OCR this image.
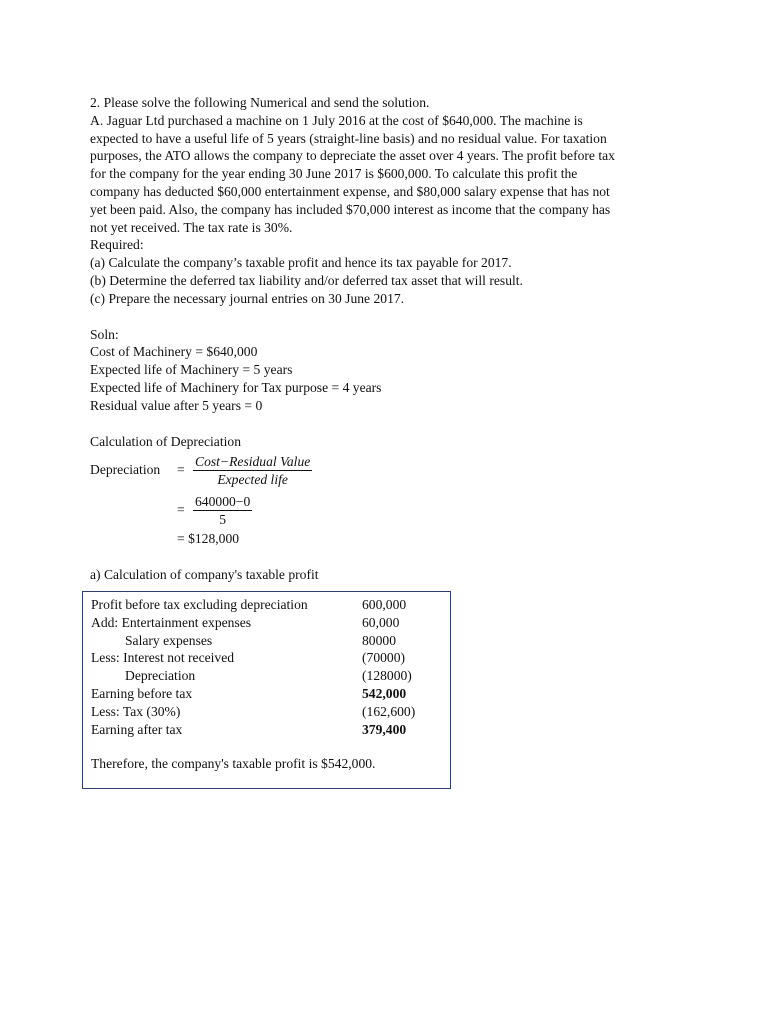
2. Please solve the following Numerical and send the solution.

A. Jaguar Ltd purchased a machine on 1 July 2016 at the cost of $640,000. The machine is

expected to have a useful life of 5 years (straight-line basis) and no residual value. For taxation

purposes, the ATO allows the company to depreciate the asset over 4 years. The profit before tax

for the company for the year ending 30 June 2017 is $600,000. To calculate this profit the

company has deducted $60,000 entertainment expense, and $80,000 salary expense that has not

yet been paid. Also, the company has included $70,000 interest as income that the company has

not yet received. The tax rate is 30%.

Required:

(a) Calculate the company’s taxable profit and hence its tax payable for 2017.

(b) Determine the deferred tax liability and/or deferred tax asset that will result.

(c) Prepare the necessary journal entries on 30 June 2017.

Soln:

Cost of Machinery = $640,000

Expected life of Machinery = 5 years

Expected life of Machinery for Tax purpose = 4 years

Residual value after 5 years = 0

Calculation of Depreciation

Depreciation	= $\frac{\text{Cost−Residual Value}}{\text{Expected life}}$
= $\frac{640000-0}{5}$

= $128,000

a) Calculation of company's taxable profit

Profit before tax excluding depreciation	600,000
Add: Entertainment expenses	60,000
Salary expenses	80000
Less: Interest not received	(70000)
Depreciation	(128000)
Earning before tax	542,000
Less: Tax (30%)	(162,600)
Earning after tax	379,400

Therefore, the company's taxable profit is $542,000.
